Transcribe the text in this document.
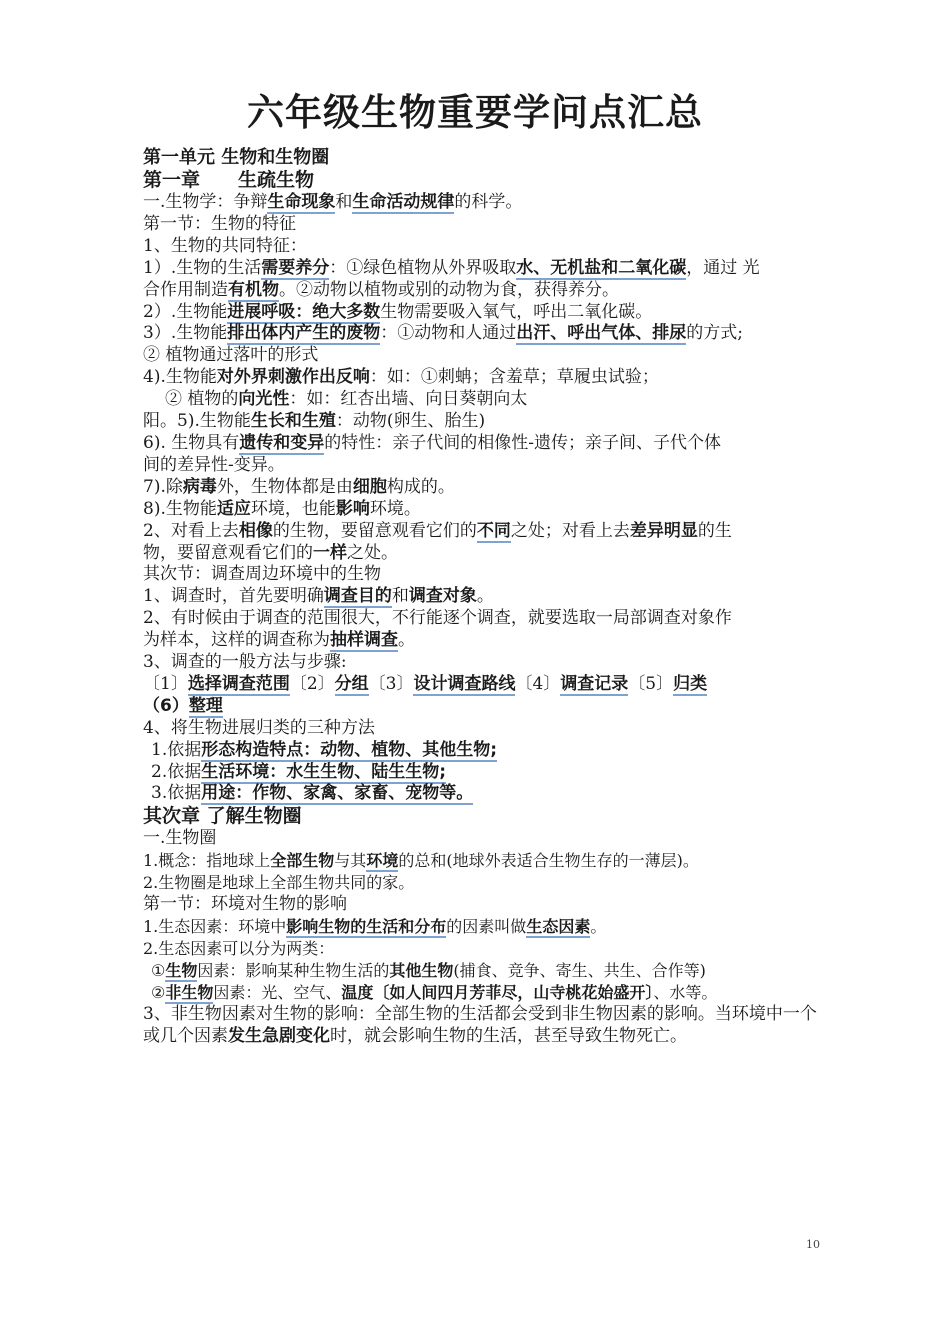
六年级生物重要学问点汇总
第一单元 生物和生物圈
第一章　　生疏生物
一.生物学：争辩生命现象和生命活动规律的科学。
第一节：生物的特征
1、生物的共同特征：
1）.生物的生活需要养分：①绿色植物从外界吸取水、无机盐和二氧化碳，通过 光
合作用制造有机物。②动物以植物或别的动物为食，获得养分。
2）.生物能进展呼吸：绝大多数生物需要吸入氧气，呼出二氧化碳。
3）.生物能排出体内产生的废物：①动物和人通过出汗、呼出气体、排尿的方式;
② 植物通过落叶的形式
4).生物能对外界刺激作出反响：如：①刺蚺；含羞草；草履虫试验；
② 植物的向光性：如：红杏出墙、向日葵朝向太
阳。5).生物能生长和生殖：动物(卵生、胎生)
6). 生物具有遗传和变异的特性：亲子代间的相像性-遗传；亲子间、子代个体
间的差异性-变异。
7).除病毒外，生物体都是由细胞构成的。
8).生物能适应环境，也能影响环境。
2、对看上去相像的生物，要留意观看它们的不同之处；对看上去差异明显的生
物，要留意观看它们的一样之处。
其次节：调查周边环境中的生物
1、调查时，首先要明确调查目的和调查对象。
2、有时候由于调查的范围很大，不行能逐个调查，就要选取一局部调查对象作
为样本，这样的调查称为抽样调查。
3、调查的一般方法与步骤:
〔1〕选择调查范围〔2〕分组〔3〕设计调查路线〔4〕调查记录〔5〕归类
（6）整理
4、将生物进展归类的三种方法
1.依据形态构造特点：动物、植物、其他生物;
2.依据生活环境：水生生物、陆生生物;
3.依据用途：作物、家禽、家畜、宠物等。
其次章 了解生物圈
一.生物圈
1.概念：指地球上全部生物与其环境的总和(地球外表适合生物生存的一薄层)。
2.生物圈是地球上全部生物共同的家。
第一节：环境对生物的影响
1.生态因素：环境中影响生物的生活和分布的因素叫做生态因素。
2.生态因素可以分为两类：
①生物因素：影响某种生物生活的其他生物(捕食、竞争、寄生、共生、合作等)
②非生物因素：光、空气、温度〔如人间四月芳菲尽，山寺桃花始盛开〕、水等。
3、非生物因素对生物的影响：全部生物的生活都会受到非生物因素的影响。当环境中一个或几个因素发生急剧变化时，就会影响生物的生活，甚至导致生物死亡。
10
